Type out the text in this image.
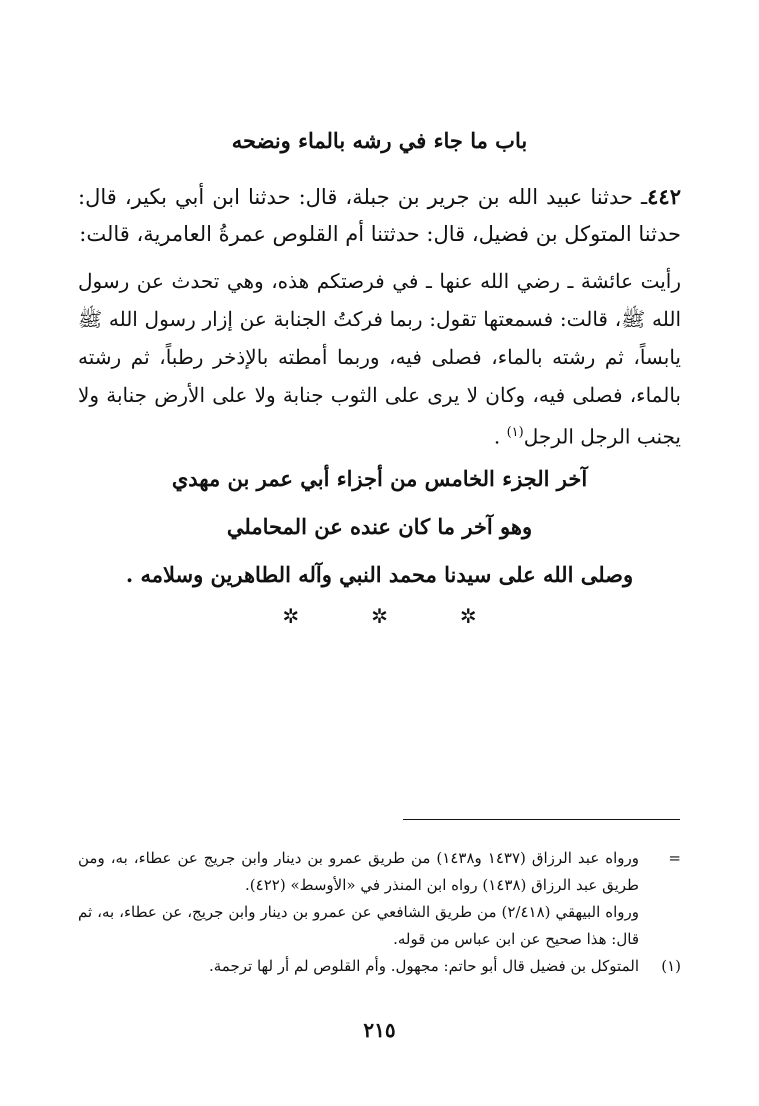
باب ما جاء في رشه بالماء ونضحه
٤٤٢ـ حدثنا عبيد الله بن جرير بن جبلة، قال: حدثنا ابن أبي بكير، قال: حدثنا المتوكل بن فضيل، قال: حدثتنا أم القلوص عمرةُ العامرية، قالت:
رأيت عائشة ـ رضي الله عنها ـ في فرصتكم هذه، وهي تحدث عن رسول الله ﷺ، قالت: فسمعتها تقول: ربما فركتُ الجنابة عن إزار رسول الله ﷺ يابساً، ثم رشته بالماء، فصلى فيه، وربما أمطته بالإذخر رطباً، ثم رشته بالماء، فصلى فيه، وكان لا يرى على الثوب جنابة ولا على الأرض جنابة ولا يجنب الرجل الرجل$^{(١)}$ .
آخر الجزء الخامس من أجزاء أبي عمر بن مهدي
وهو آخر ما كان عنده عن المحاملي
وصلى الله على سيدنا محمد النبي وآله الطاهرين وسلامه .
✲
✲
✲
=
ورواه عبد الرزاق (١٤٣٧ و١٤٣٨) من طريق عمرو بن دينار وابن جريج عن عطاء، به، ومن طريق عبد الرزاق (١٤٣٨) رواه ابن المنذر في «الأوسط» (٤٢٢).
ورواه البيهقي (٢/٤١٨) من طريق الشافعي عن عمرو بن دينار وابن جريج، عن عطاء، به، ثم قال: هذا صحيح عن ابن عباس من قوله.
(١)
المتوكل بن فضيل قال أبو حاتم: مجهول. وأم القلوص لم أر لها ترجمة.
٢١٥
